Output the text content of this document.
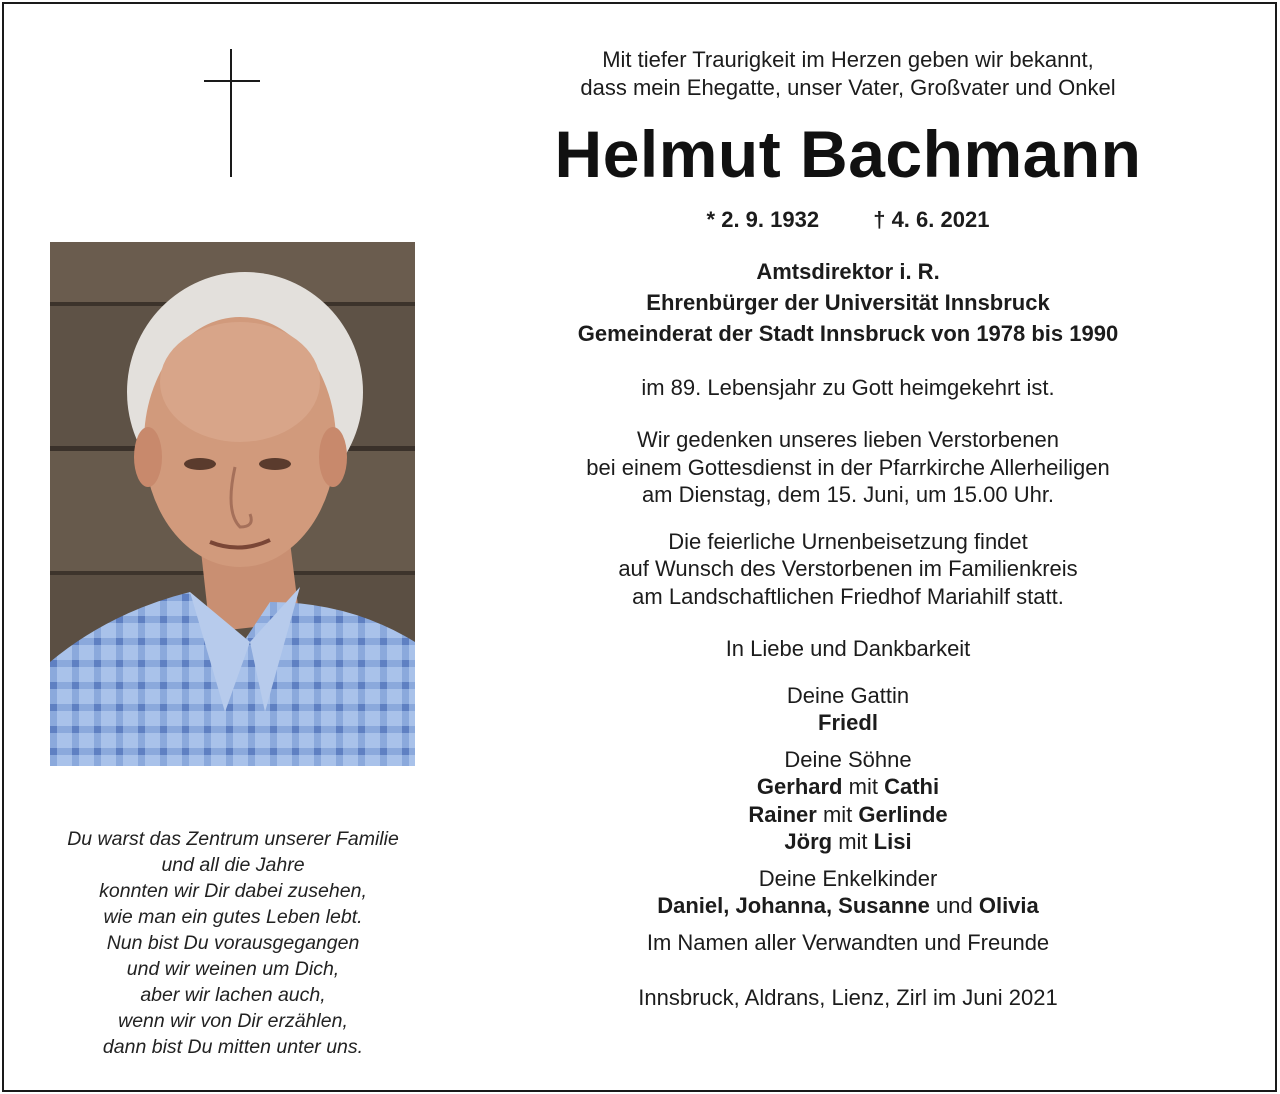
Du warst das Zentrum unserer Familie
und all die Jahre
konnten wir Dir dabei zusehen,
wie man ein gutes Leben lebt.
Nun bist Du vorausgegangen
und wir weinen um Dich,
aber wir lachen auch,
wenn wir von Dir erzählen,
dann bist Du mitten unter uns.
Mit tiefer Traurigkeit im Herzen geben wir bekannt,
dass mein Ehegatte, unser Vater, Großvater und Onkel
Helmut Bachmann
* 2. 9. 1932 † 4. 6. 2021
Amtsdirektor i. R.
Ehrenbürger der Universität Innsbruck
Gemeinderat der Stadt Innsbruck von 1978 bis 1990
im 89. Lebensjahr zu Gott heimgekehrt ist.
Wir gedenken unseres lieben Verstorbenen
bei einem Gottesdienst in der Pfarrkirche Allerheiligen
am Dienstag, dem 15. Juni, um 15.00 Uhr.
Die feierliche Urnenbeisetzung findet
auf Wunsch des Verstorbenen im Familienkreis
am Landschaftlichen Friedhof Mariahilf statt.
In Liebe und Dankbarkeit
Deine Gattin
Friedl
Deine Söhne
Gerhard mit Cathi
Rainer mit Gerlinde
Jörg mit Lisi
Deine Enkelkinder
Daniel, Johanna, Susanne und Olivia
Im Namen aller Verwandten und Freunde
Innsbruck, Aldrans, Lienz, Zirl im Juni 2021
